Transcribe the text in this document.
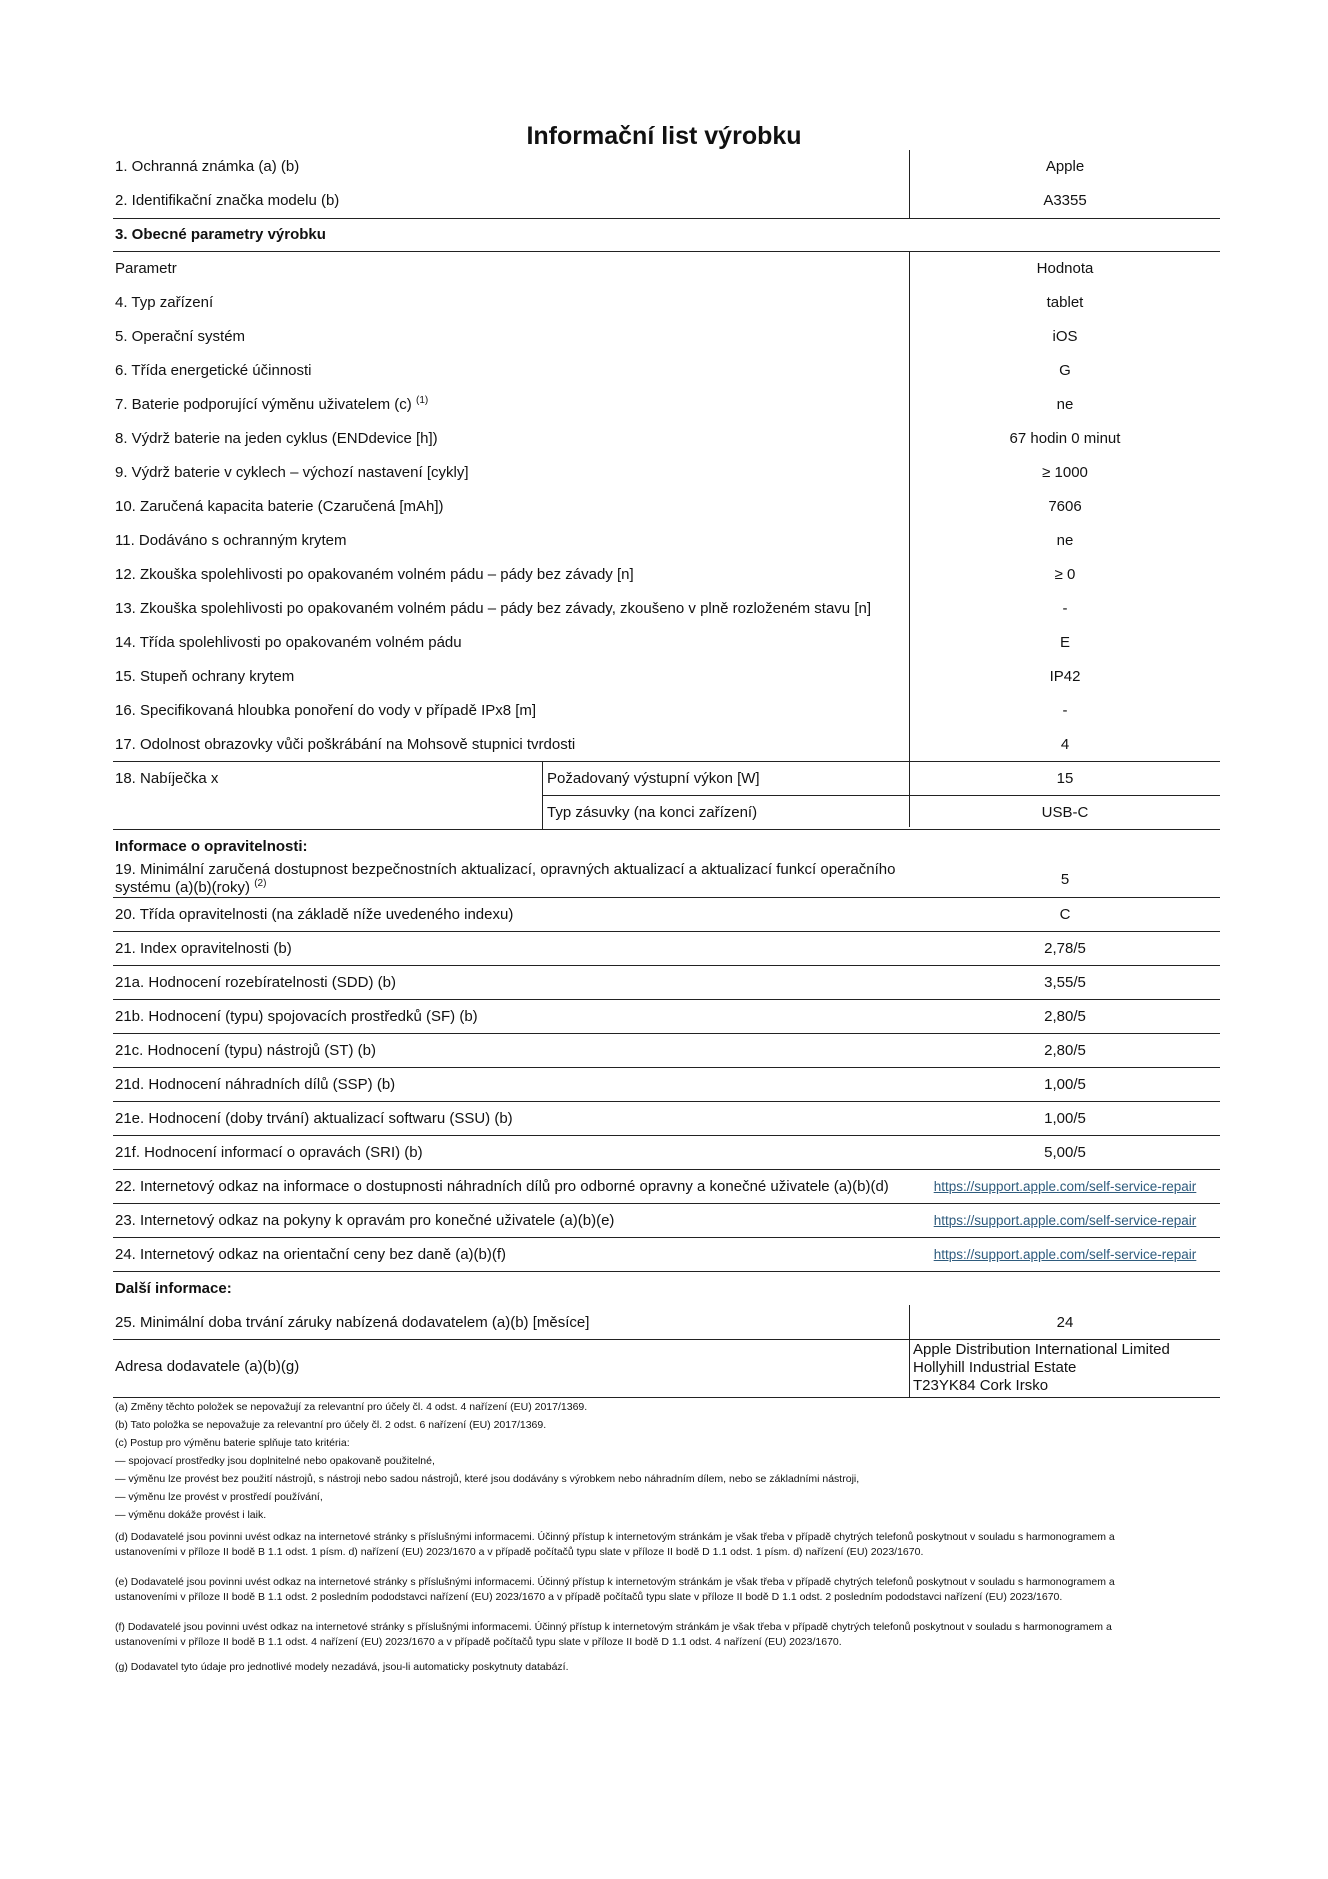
Informační list výrobku
1. Ochranná známka (a) (b)	Apple
2. Identifikační značka modelu (b)	A3355
3. Obecné parametry výrobku
Parametr	Hodnota
4. Typ zařízení	tablet
5. Operační systém	iOS
6. Třída energetické účinnosti	G
7. Baterie podporující výměnu uživatelem (c) $^{(1)}$	ne
8. Výdrž baterie na jeden cyklus (ENDdevice [h])	67 hodin 0 minut
9. Výdrž baterie v cyklech – výchozí nastavení [cykly]	≥ 1000
10. Zaručená kapacita baterie (Czaručená [mAh])	7606
11. Dodáváno s ochranným krytem	ne
12. Zkouška spolehlivosti po opakovaném volném pádu – pády bez závady [n]	≥ 0
13. Zkouška spolehlivosti po opakovaném volném pádu – pády bez závady, zkoušeno v plně rozloženém stavu [n]	-
14. Třída spolehlivosti po opakovaném volném pádu	E
15. Stupeň ochrany krytem	IP42
16. Specifikovaná hloubka ponoření do vody v případě IPx8 [m]	-
17. Odolnost obrazovky vůči poškrábání na Mohsově stupnici tvrdosti	4
18. Nabíječka x	Požadovaný výstupní výkon [W]	15
Typ zásuvky (na konci zařízení)	USB-C
Informace o opravitelnosti:
19. Minimální zaručená dostupnost bezpečnostních aktualizací, opravných aktualizací a aktualizací funkcí operačního
systému (a)(b)(roky) $^{(2)}$	5
20. Třída opravitelnosti (na základě níže uvedeného indexu)	C
21. Index opravitelnosti (b)	2,78/5
21a. Hodnocení rozebíratelnosti (SDD) (b)	3,55/5
21b. Hodnocení (typu) spojovacích prostředků (SF) (b)	2,80/5
21c. Hodnocení (typu) nástrojů (ST) (b)	2,80/5
21d. Hodnocení náhradních dílů (SSP) (b)	1,00/5
21e. Hodnocení (doby trvání) aktualizací softwaru (SSU) (b)	1,00/5
21f. Hodnocení informací o opravách (SRI) (b)	5,00/5
22. Internetový odkaz na informace o dostupnosti náhradních dílů pro odborné opravny a konečné uživatele (a)(b)(d)	https://support.apple.com/self-service-repair
23. Internetový odkaz na pokyny k opravám pro konečné uživatele (a)(b)(e)	https://support.apple.com/self-service-repair
24. Internetový odkaz na orientační ceny bez daně (a)(b)(f)	https://support.apple.com/self-service-repair
Další informace:
25. Minimální doba trvání záruky nabízená dodavatelem (a)(b) [měsíce]	24
Adresa dodavatele (a)(b)(g)
Apple Distribution International Limited
Hollyhill Industrial Estate
T23YK84 Cork Irsko
(a) Změny těchto položek se nepovažují za relevantní pro účely čl. 4 odst. 4 nařízení (EU) 2017/1369.
(b) Tato položka se nepovažuje za relevantní pro účely čl. 2 odst. 6 nařízení (EU) 2017/1369.
(c) Postup pro výměnu baterie splňuje tato kritéria:
— spojovací prostředky jsou doplnitelné nebo opakovaně použitelné,
— výměnu lze provést bez použití nástrojů, s nástroji nebo sadou nástrojů, které jsou dodávány s výrobkem nebo náhradním dílem, nebo se základními nástroji,
— výměnu lze provést v prostředí používání,
— výměnu dokáže provést i laik.
(d) Dodavatelé jsou povinni uvést odkaz na internetové stránky s příslušnými informacemi. Účinný přístup k internetovým stránkám je však třeba v případě chytrých telefonů poskytnout v souladu s harmonogramem a
ustanoveními v příloze II bodě B 1.1 odst. 1 písm. d) nařízení (EU) 2023/1670 a v případě počítačů typu slate v příloze II bodě D 1.1 odst. 1 písm. d) nařízení (EU) 2023/1670.
(e) Dodavatelé jsou povinni uvést odkaz na internetové stránky s příslušnými informacemi. Účinný přístup k internetovým stránkám je však třeba v případě chytrých telefonů poskytnout v souladu s harmonogramem a
ustanoveními v příloze II bodě B 1.1 odst. 2 posledním pododstavci nařízení (EU) 2023/1670 a v případě počítačů typu slate v příloze II bodě D 1.1 odst. 2 posledním pododstavci nařízení (EU) 2023/1670.
(f) Dodavatelé jsou povinni uvést odkaz na internetové stránky s příslušnými informacemi. Účinný přístup k internetovým stránkám je však třeba v případě chytrých telefonů poskytnout v souladu s harmonogramem a
ustanoveními v příloze II bodě B 1.1 odst. 4 nařízení (EU) 2023/1670 a v případě počítačů typu slate v příloze II bodě D 1.1 odst. 4 nařízení (EU) 2023/1670.
(g) Dodavatel tyto údaje pro jednotlivé modely nezadává, jsou-li automaticky poskytnuty databází.
